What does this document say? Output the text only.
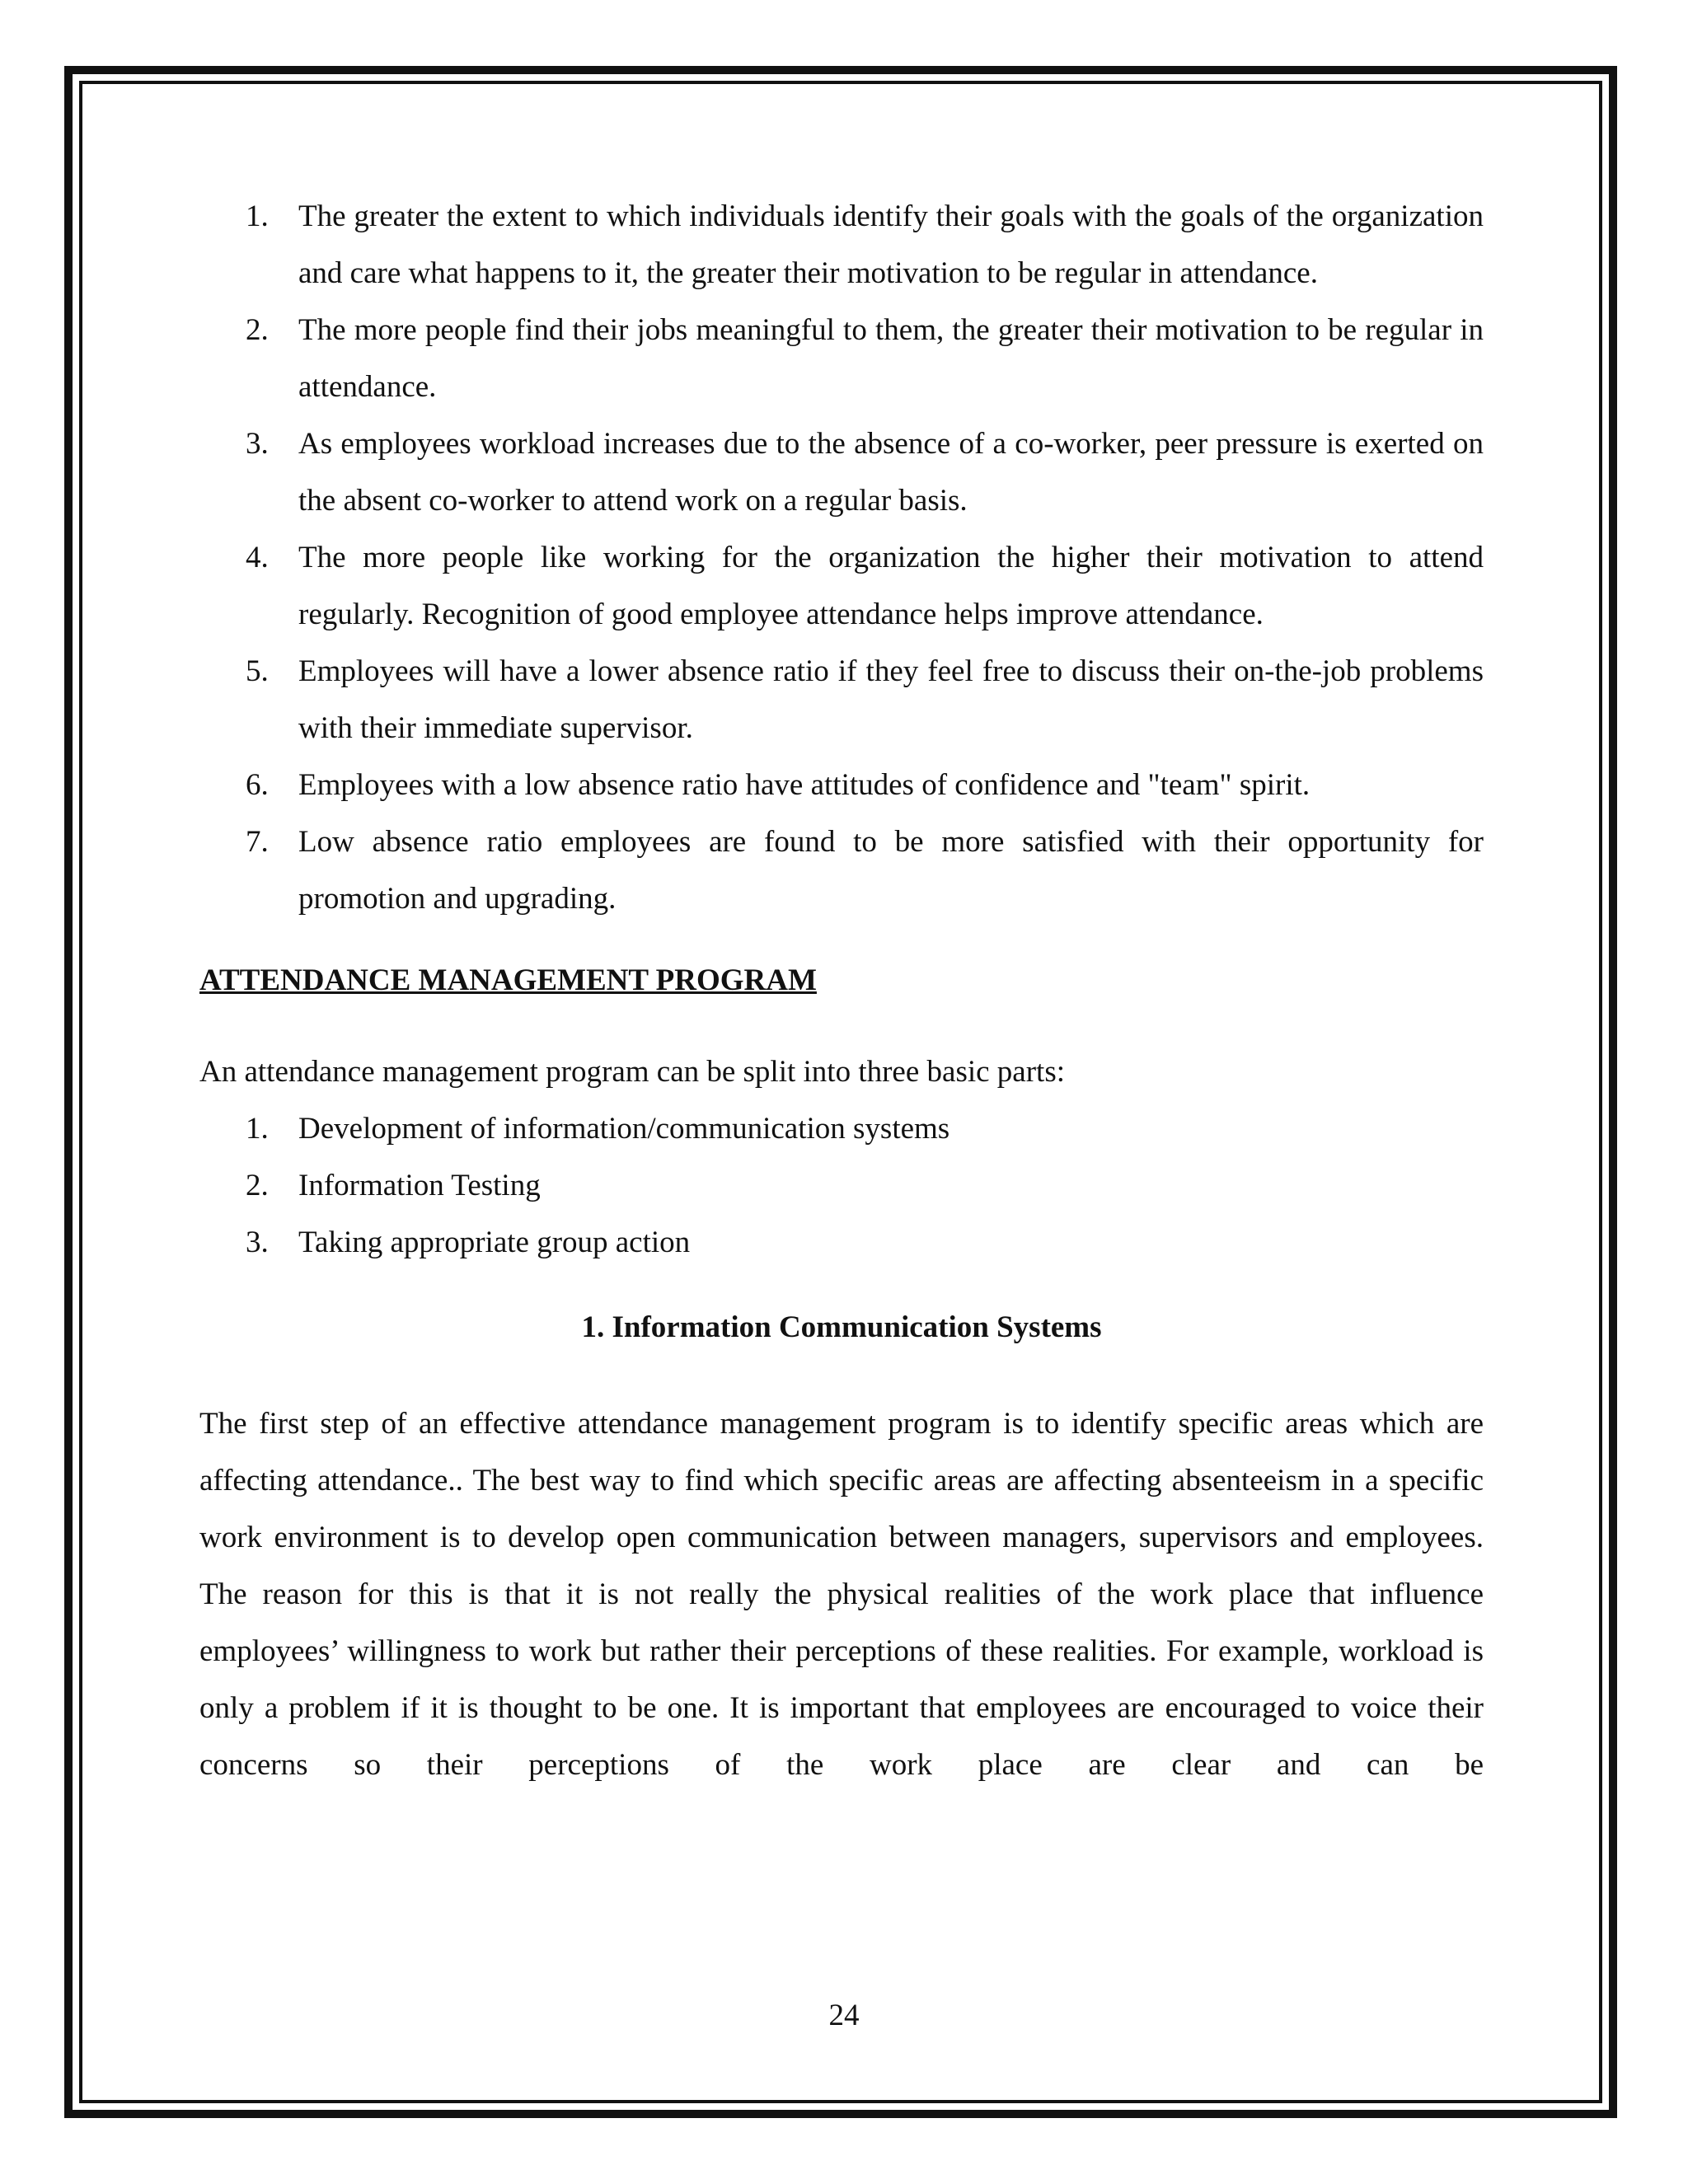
1. The greater the extent to which individuals identify their goals with the goals of the organization and care what happens to it, the greater their motivation to be regular in attendance.
2. The more people find their jobs meaningful to them, the greater their motivation to be regular in attendance.
3. As employees workload increases due to the absence of a co-worker, peer pressure is exerted on the absent co-worker to attend work on a regular basis.
4. The more people like working for the organization the higher their motivation to attend regularly. Recognition of good employee attendance helps improve attendance.
5. Employees will have a lower absence ratio if they feel free to discuss their on-the-job problems with their immediate supervisor.
6. Employees with a low absence ratio have attitudes of confidence and "team" spirit.
7. Low absence ratio employees are found to be more satisfied with their opportunity for promotion and upgrading.
ATTENDANCE MANAGEMENT PROGRAM
An attendance management program can be split into three basic parts:
1. Development of information/communication systems
2. Information Testing
3. Taking appropriate group action
1. Information Communication Systems
The first step of an effective attendance management program is to identify specific areas which are affecting attendance.. The best way to find which specific areas are affecting absenteeism in a specific work environment is to develop open communication between managers, supervisors and employees. The reason for this is that it is not really the physical realities of the work place that influence employees’ willingness to work but rather their perceptions of these realities. For example, workload is only a problem if it is thought to be one. It is important that employees are encouraged to voice their concerns so their perceptions of the work place are clear and can be
24
